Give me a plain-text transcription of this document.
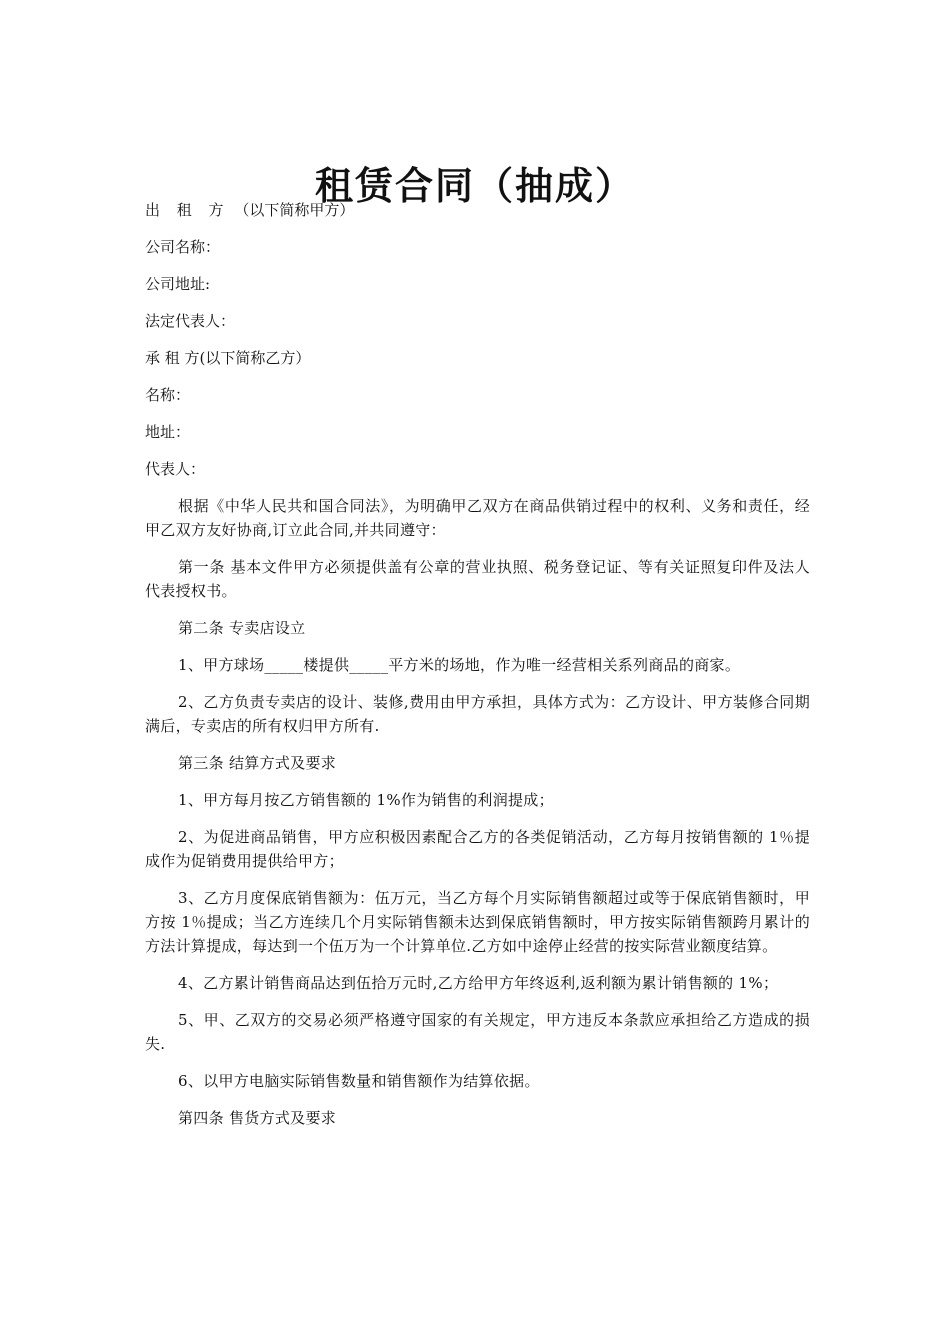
租赁合同（抽成）
出 租 方 （以下简称甲方）
公司名称：
公司地址:
法定代表人：
承 租 方(以下简称乙方）
名称：
地址：
代表人：

根据《中华人民共和国合同法》，为明确甲乙双方在商品供销过程中的权利、义务和责任，经甲乙双方友好协商,订立此合同,并共同遵守：

第一条 基本文件甲方必须提供盖有公章的营业执照、税务登记证、等有关证照复印件及法人代表授权书。

第二条 专卖店设立

1、甲方球场_____楼提供_____平方米的场地，作为唯一经营相关系列商品的商家。

2、乙方负责专卖店的设计、装修,费用由甲方承担，具体方式为：乙方设计、甲方装修合同期满后，专卖店的所有权归甲方所有.

第三条 结算方式及要求

1、甲方每月按乙方销售额的 1%作为销售的利润提成；

2、为促进商品销售，甲方应积极因素配合乙方的各类促销活动，乙方每月按销售额的 1％提成作为促销费用提供给甲方；

3、乙方月度保底销售额为：伍万元，当乙方每个月实际销售额超过或等于保底销售额时，甲方按 1％提成；当乙方连续几个月实际销售额未达到保底销售额时，甲方按实际销售额跨月累计的方法计算提成，每达到一个伍万为一个计算单位.乙方如中途停止经营的按实际营业额度结算。

4、乙方累计销售商品达到伍拾万元时,乙方给甲方年终返利,返利额为累计销售额的 1%；

5、甲、乙双方的交易必须严格遵守国家的有关规定，甲方违反本条款应承担给乙方造成的损失.

6、以甲方电脑实际销售数量和销售额作为结算依据。

第四条 售货方式及要求
